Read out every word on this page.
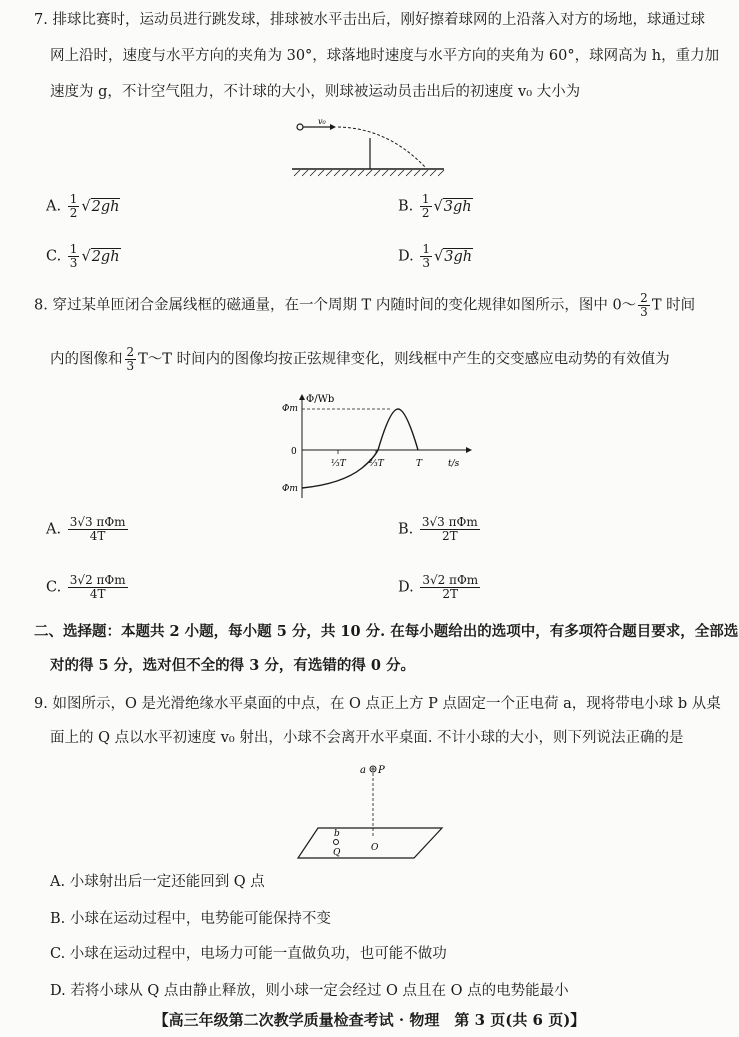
7. 排球比赛时，运动员进行跳发球，排球被水平击出后，刚好擦着球网的上沿落入对方的场地，球通过球
网上沿时，速度与水平方向的夹角为 30°，球落地时速度与水平方向的夹角为 60°，球网高为 h，重力加
速度为 g，不计空气阻力，不计球的大小，则球被运动员击出后的初速度 v₀ 大小为
v₀
A. $\frac{1}{2} √2gh$	B. $\frac{1}{2} √3gh$
C. $\frac{1}{3} √2gh$	D. $\frac{1}{3} √3gh$
8. 穿过某单匝闭合金属线框的磁通量，在一个周期 T 内随时间的变化规律如图所示，图中 0～ $\frac{2}{3}$ T 时间
内的图像和 $\frac{2}{3}$ T～T 时间内的图像均按正弦规律变化，则线框中产生的交变感应电动势的有效值为
Φ/Wb
Φm
0
Φm
⅓T	⅔T	T	t/s
A. $\frac{\text{3√3 πΦm}}{4T}$	B. $\frac{\text{3√3 πΦm}}{2T}$
C. $\frac{\text{3√2 πΦm}}{4T}$	D. $\frac{\text{3√2 πΦm}}{2T}$
二、选择题：本题共 2 小题，每小题 5 分，共 10 分. 在每小题给出的选项中，有多项符合题目要求，全部选
对的得 5 分，选对但不全的得 3 分，有选错的得 0 分。
9. 如图所示，O 是光滑绝缘水平桌面的中点，在 O 点正上方 P 点固定一个正电荷 a，现将带电小球 b 从桌
面上的 Q 点以水平初速度 v₀ 射出，小球不会离开水平桌面. 不计小球的大小，则下列说法正确的是
a P
b
Q	O
A. 小球射出后一定还能回到 Q 点
B. 小球在运动过程中，电势能可能保持不变
C. 小球在运动过程中，电场力可能一直做负功，也可能不做功
D. 若将小球从 Q 点由静止释放，则小球一定会经过 O 点且在 O 点的电势能最小
【高三年级第二次教学质量检查考试 · 物理　第 3 页(共 6 页)】
